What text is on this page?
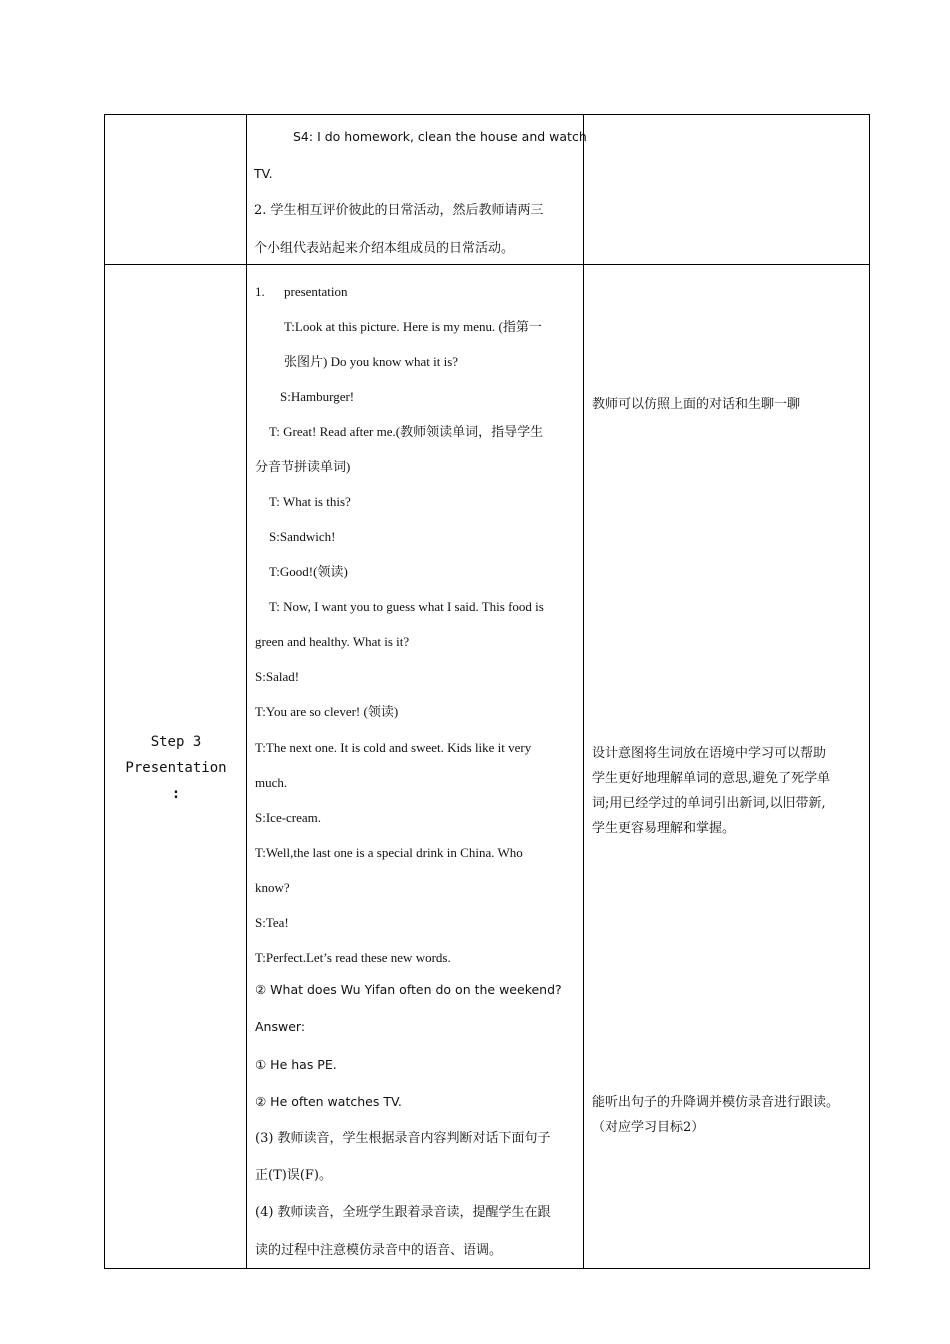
S4: I do homework, clean the house and watch
TV.
2. 学生相互评价彼此的日常活动，然后教师请两三
个小组代表站起来介绍本组成员的日常活动。
Step 3
Presentation
:
1. presentation
T:Look at this picture. Here is my menu. (指第一
张图片) Do you know what it is?
S:Hamburger!
T: Great! Read after me.(教师领读单词，指导学生
分音节拼读单词)
T: What is this?
S:Sandwich!
T:Good!(领读)
T: Now, I want you to guess what I said. This food is
green and healthy. What is it?
S:Salad!
T:You are so clever! (领读)
T:The next one. It is cold and sweet. Kids like it very
much.
S:Ice-cream.
T:Well,the last one is a special drink in China. Who
know?
S:Tea!
T:Perfect.Let’s read these new words.
② What does Wu Yifan often do on the weekend?
Answer:
① He has PE.
② He often watches TV.
(3) 教师读音，学生根据录音内容判断对话下面句子
正(T)误(F)。
(4) 教师读音，全班学生跟着录音读，提醒学生在跟
读的过程中注意模仿录音中的语音、语调。
教师可以仿照上面的对话和生聊一聊
设计意图将生词放在语境中学习可以帮助
学生更好地理解单词的意思,避免了死学单
词;用已经学过的单词引出新词,以旧带新,
学生更容易理解和掌握。
能听出句子的升降调并模仿录音进行跟读。
（对应学习目标2）
